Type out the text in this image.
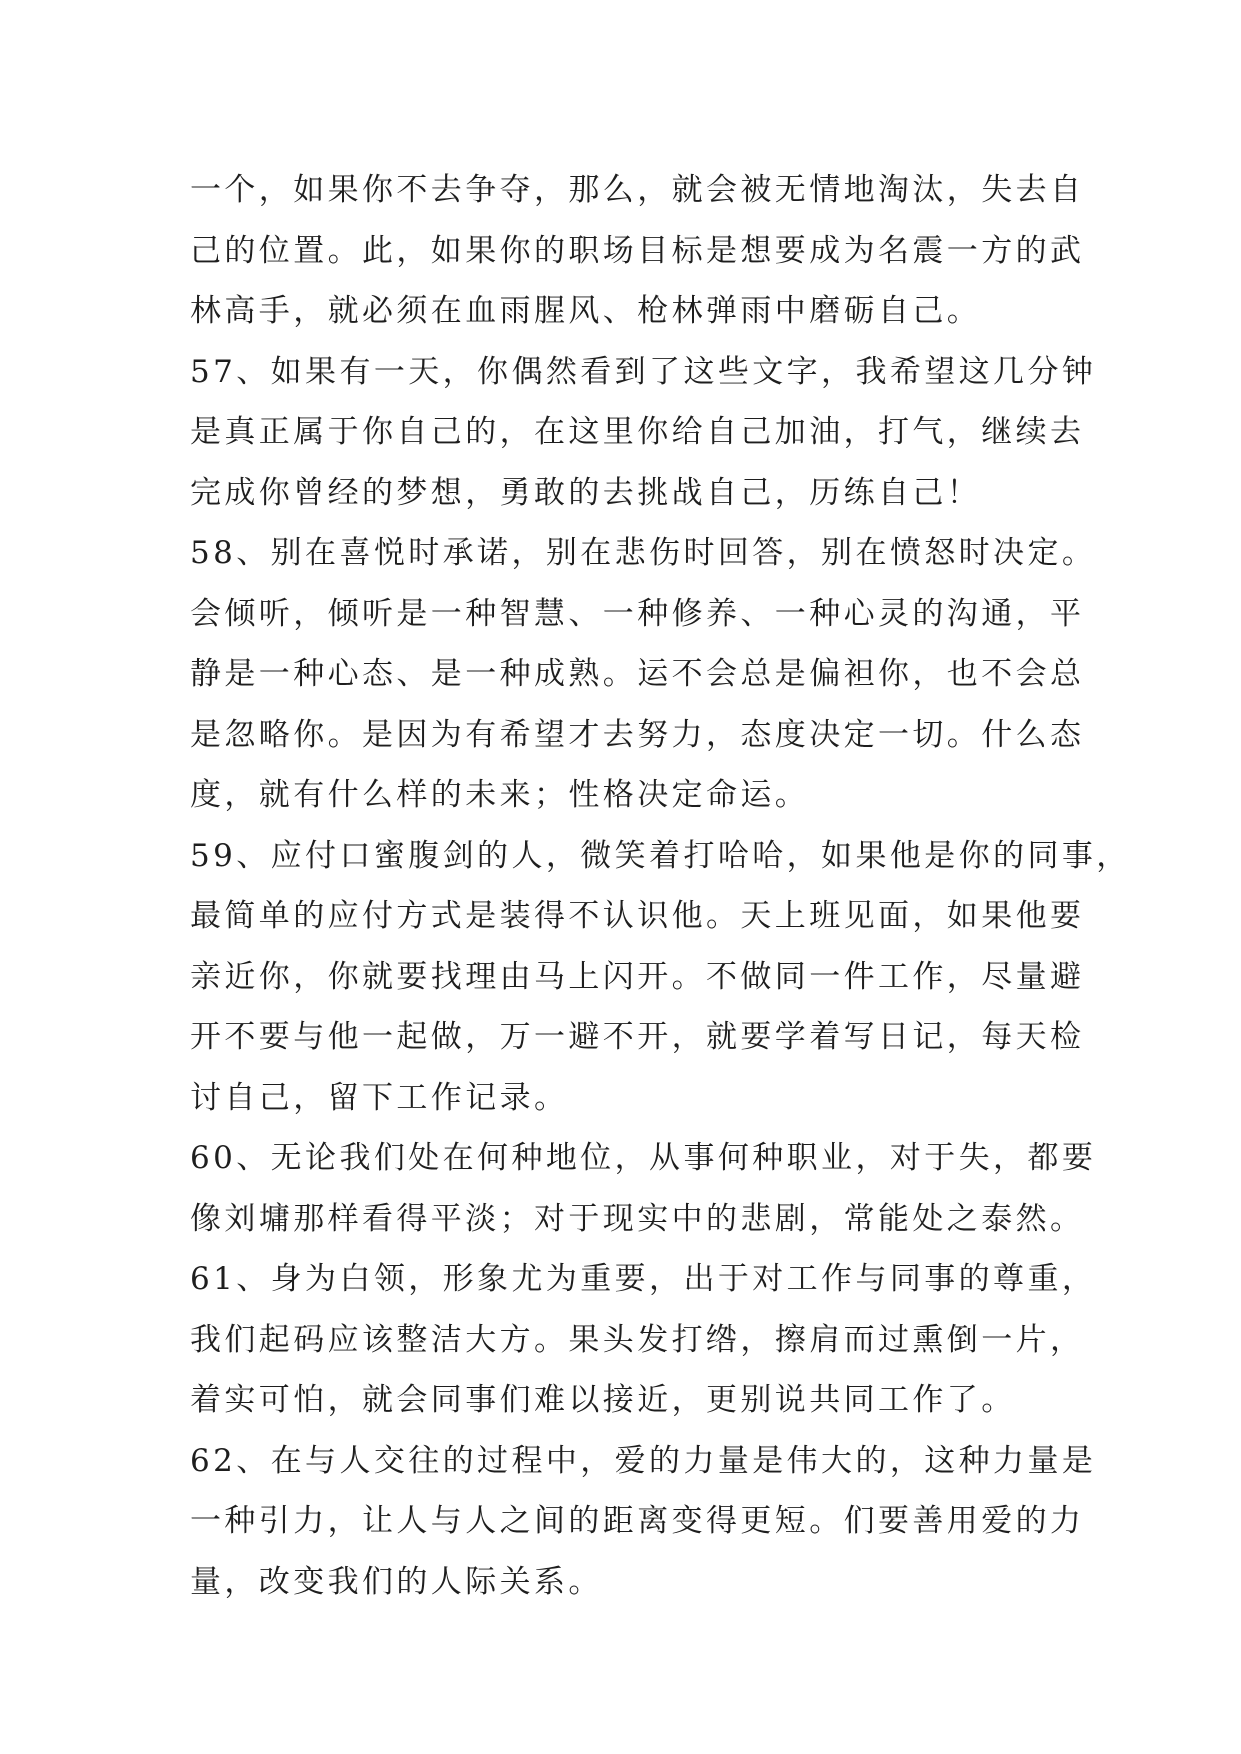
一个，如果你不去争夺，那么，就会被无情地淘汰，失去自
己的位置。此，如果你的职场目标是想要成为名震一方的武
林高手，就必须在血雨腥风、枪林弹雨中磨砺自己。
57、如果有一天，你偶然看到了这些文字，我希望这几分钟
是真正属于你自己的，在这里你给自己加油，打气，继续去
完成你曾经的梦想，勇敢的去挑战自己，历练自己！
58、别在喜悦时承诺，别在悲伤时回答，别在愤怒时决定。
会倾听，倾听是一种智慧、一种修养、一种心灵的沟通，平
静是一种心态、是一种成熟。运不会总是偏袒你，也不会总
是忽略你。是因为有希望才去努力，态度决定一切。什么态
度，就有什么样的未来；性格决定命运。
59、应付口蜜腹剑的人，微笑着打哈哈，如果他是你的同事，
最简单的应付方式是装得不认识他。天上班见面，如果他要
亲近你，你就要找理由马上闪开。不做同一件工作，尽量避
开不要与他一起做，万一避不开，就要学着写日记，每天检
讨自己，留下工作记录。
60、无论我们处在何种地位，从事何种职业，对于失，都要
像刘墉那样看得平淡；对于现实中的悲剧，常能处之泰然。
61、身为白领，形象尤为重要，出于对工作与同事的尊重，
我们起码应该整洁大方。果头发打绺，擦肩而过熏倒一片，
着实可怕，就会同事们难以接近，更别说共同工作了。
62、在与人交往的过程中，爱的力量是伟大的，这种力量是
一种引力，让人与人之间的距离变得更短。们要善用爱的力
量，改变我们的人际关系。
